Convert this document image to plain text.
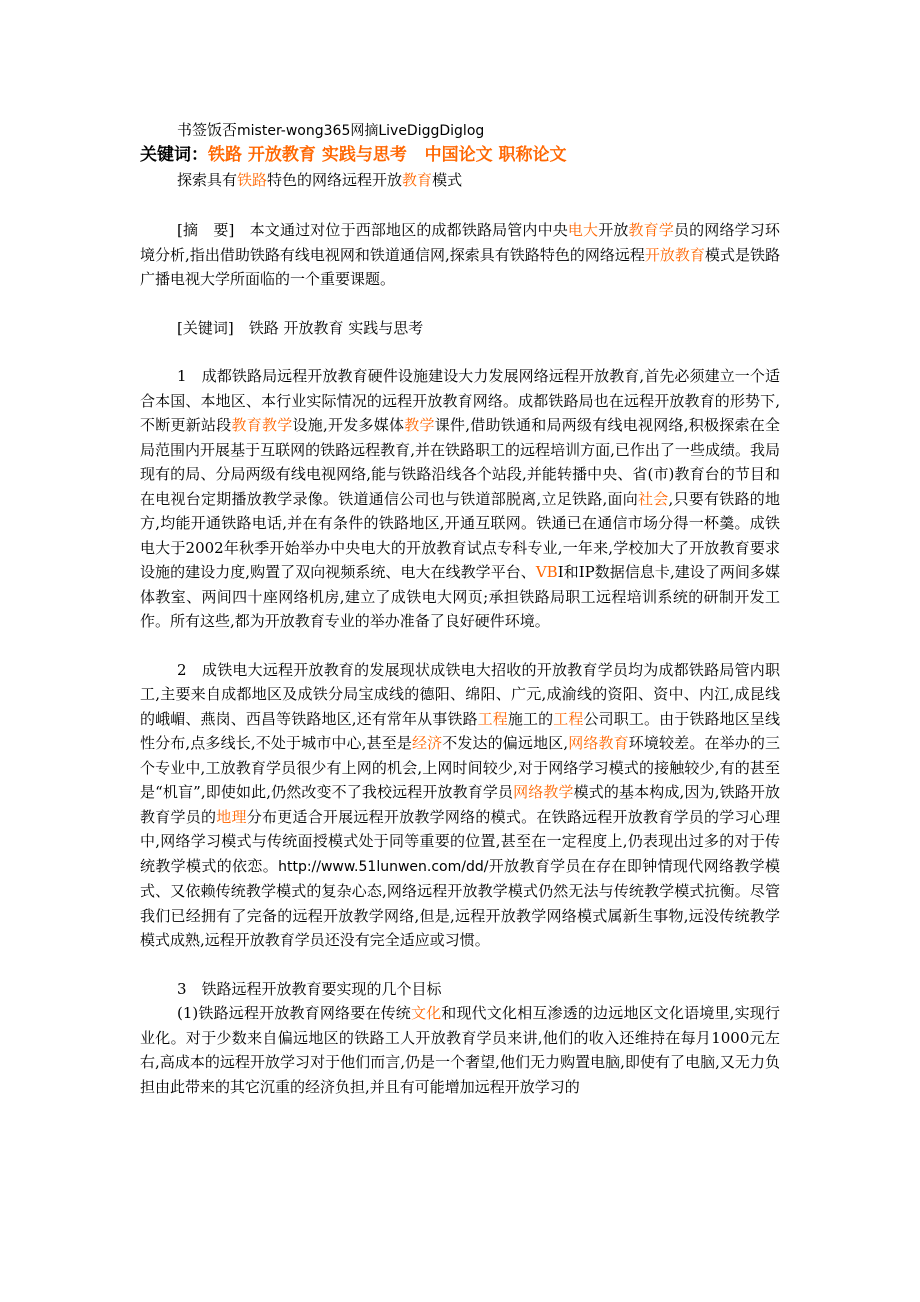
书签饭否mister-wong365网摘LiveDiggDiglog
关键词：铁路 开放教育 实践与思考 中国论文 职称论文
探索具有铁路特色的网络远程开放教育模式

[摘　要]　本文通过对位于西部地区的成都铁路局管内中央电大开放教育学员的网络学习环境分析,指出借助铁路有线电视网和铁道通信网,探索具有铁路特色的网络远程开放教育模式是铁路广播电视大学所面临的一个重要课题。

[关键词]　铁路 开放教育 实践与思考

1　成都铁路局远程开放教育硬件设施建设大力发展网络远程开放教育,首先必须建立一个适合本国、本地区、本行业实际情况的远程开放教育网络。成都铁路局也在远程开放教育的形势下,不断更新站段教育教学设施,开发多媒体教学课件,借助铁通和局两级有线电视网络,积极探索在全局范围内开展基于互联网的铁路远程教育,并在铁路职工的远程培训方面,已作出了一些成绩。我局现有的局、分局两级有线电视网络,能与铁路沿线各个站段,并能转播中央、省(市)教育台的节目和在电视台定期播放教学录像。铁道通信公司也与铁道部脱离,立足铁路,面向社会,只要有铁路的地方,均能开通铁路电话,并在有条件的铁路地区,开通互联网。铁通已在通信市场分得一杯羹。成铁电大于2002年秋季开始举办中央电大的开放教育试点专科专业,一年来,学校加大了开放教育要求设施的建设力度,购置了双向视频系统、电大在线教学平台、VBI和IP数据信息卡,建设了两间多媒体教室、两间四十座网络机房,建立了成铁电大网页;承担铁路局职工远程培训系统的研制开发工作。所有这些,都为开放教育专业的举办准备了良好硬件环境。

2　成铁电大远程开放教育的发展现状成铁电大招收的开放教育学员均为成都铁路局管内职工,主要来自成都地区及成铁分局宝成线的德阳、绵阳、广元,成渝线的资阳、资中、内江,成昆线的峨嵋、燕岗、西昌等铁路地区,还有常年从事铁路工程施工的工程公司职工。由于铁路地区呈线性分布,点多线长,不处于城市中心,甚至是经济不发达的偏远地区,网络教育环境较差。在举办的三个专业中,工放教育学员很少有上网的机会,上网时间较少,对于网络学习模式的接触较少,有的甚至是“机盲”,即使如此,仍然改变不了我校远程开放教育学员网络教学模式的基本构成,因为,铁路开放教育学员的地理分布更适合开展远程开放教学网络的模式。在铁路远程开放教育学员的学习心理中,网络学习模式与传统面授模式处于同等重要的位置,甚至在一定程度上,仍表现出过多的对于传统教学模式的依恋。http://www.51lunwen.com/dd/开放教育学员在存在即钟情现代网络教学模式、又依赖传统教学模式的复杂心态,网络远程开放教学模式仍然无法与传统教学模式抗衡。尽管我们已经拥有了完备的远程开放教学网络,但是,远程开放教学网络模式属新生事物,远没传统教学模式成熟,远程开放教育学员还没有完全适应或习惯。

3　铁路远程开放教育要实现的几个目标

(1)铁路远程开放教育网络要在传统文化和现代文化相互渗透的边远地区文化语境里,实现行业化。对于少数来自偏远地区的铁路工人开放教育学员来讲,他们的收入还维持在每月1000元左右,高成本的远程开放学习对于他们而言,仍是一个奢望,他们无力购置电脑,即使有了电脑,又无力负担由此带来的其它沉重的经济负担,并且有可能增加远程开放学习的
